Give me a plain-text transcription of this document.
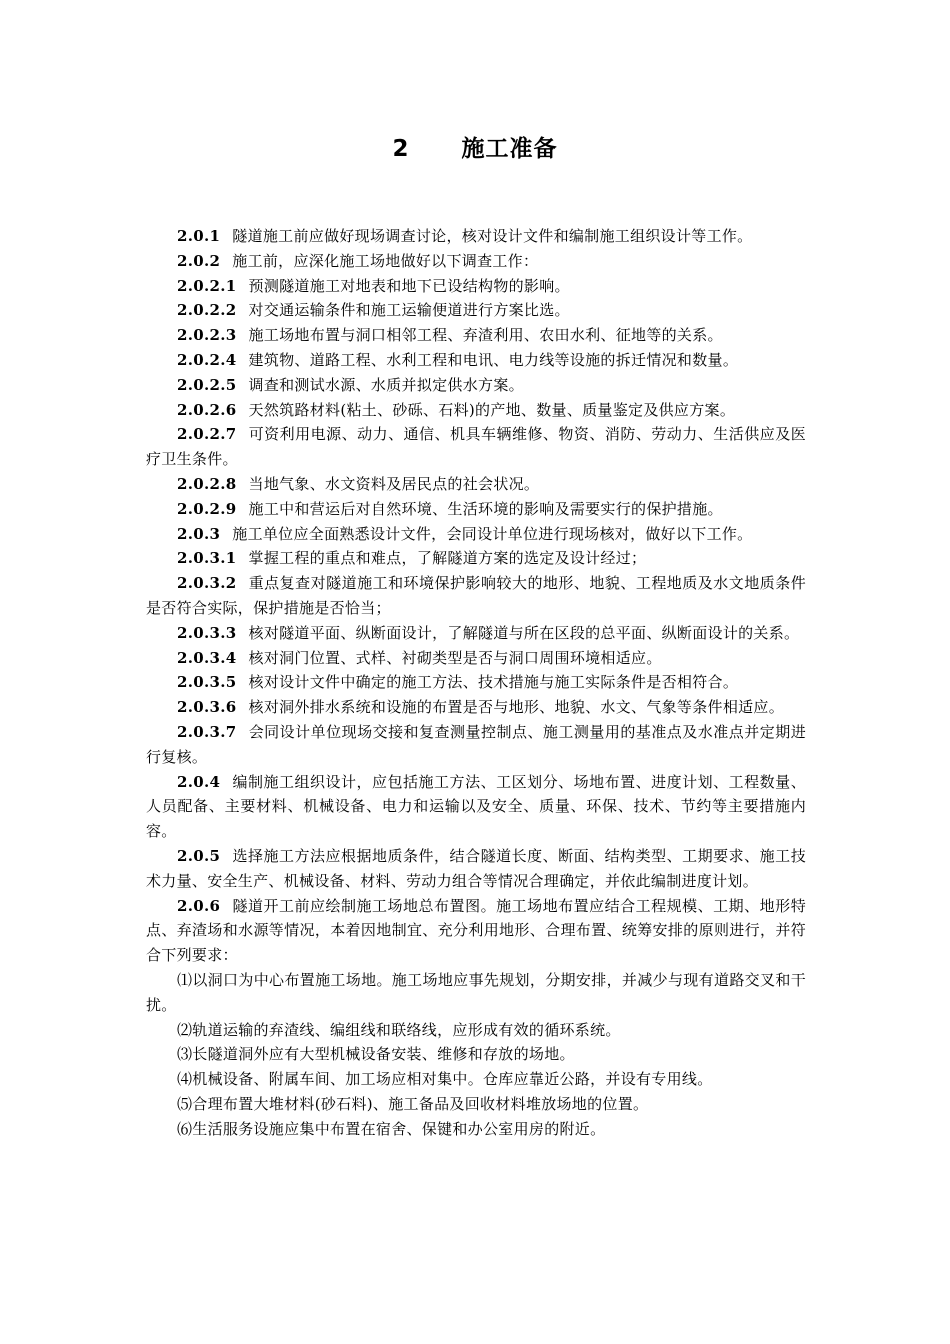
2 施工准备

2.0.1 隧道施工前应做好现场调查讨论，核对设计文件和编制施工组织设计等工作。

2.0.2 施工前，应深化施工场地做好以下调查工作：

2.0.2.1 预测隧道施工对地表和地下已设结构物的影响。

2.0.2.2 对交通运输条件和施工运输便道进行方案比选。

2.0.2.3 施工场地布置与洞口相邻工程、弃渣利用、农田水利、征地等的关系。

2.0.2.4 建筑物、道路工程、水利工程和电讯、电力线等设施的拆迁情况和数量。

2.0.2.5 调查和测试水源、水质并拟定供水方案。

2.0.2.6 天然筑路材料(粘土、砂砾、石料)的产地、数量、质量鉴定及供应方案。

2.0.2.7 可资利用电源、动力、通信、机具车辆维修、物资、消防、劳动力、生活供应及医疗卫生条件。

2.0.2.8 当地气象、水文资料及居民点的社会状况。

2.0.2.9 施工中和营运后对自然环境、生活环境的影响及需要实行的保护措施。

2.0.3 施工单位应全面熟悉设计文件，会同设计单位进行现场核对，做好以下工作。

2.0.3.1 掌握工程的重点和难点，了解隧道方案的选定及设计经过；

2.0.3.2 重点复查对隧道施工和环境保护影响较大的地形、地貌、工程地质及水文地质条件是否符合实际，保护措施是否恰当；

2.0.3.3 核对隧道平面、纵断面设计，了解隧道与所在区段的总平面、纵断面设计的关系。

2.0.3.4 核对洞门位置、式样、衬砌类型是否与洞口周围环境相适应。

2.0.3.5 核对设计文件中确定的施工方法、技术措施与施工实际条件是否相符合。

2.0.3.6 核对洞外排水系统和设施的布置是否与地形、地貌、水文、气象等条件相适应。

2.0.3.7 会同设计单位现场交接和复查测量控制点、施工测量用的基准点及水准点并定期进行复核。

2.0.4 编制施工组织设计，应包括施工方法、工区划分、场地布置、进度计划、工程数量、人员配备、主要材料、机械设备、电力和运输以及安全、质量、环保、技术、节约等主要措施内容。

2.0.5 选择施工方法应根据地质条件，结合隧道长度、断面、结构类型、工期要求、施工技术力量、安全生产、机械设备、材料、劳动力组合等情况合理确定，并依此编制进度计划。

2.0.6 隧道开工前应绘制施工场地总布置图。施工场地布置应结合工程规模、工期、地形特点、弃渣场和水源等情况，本着因地制宜、充分利用地形、合理布置、统筹安排的原则进行，并符合下列要求：

⑴以洞口为中心布置施工场地。施工场地应事先规划，分期安排，并减少与现有道路交叉和干扰。

⑵轨道运输的弃渣线、编组线和联络线，应形成有效的循环系统。

⑶长隧道洞外应有大型机械设备安装、维修和存放的场地。

⑷机械设备、附属车间、加工场应相对集中。仓库应靠近公路，并设有专用线。

⑸合理布置大堆材料(砂石料)、施工备品及回收材料堆放场地的位置。

⑹生活服务设施应集中布置在宿舍、保键和办公室用房的附近。
